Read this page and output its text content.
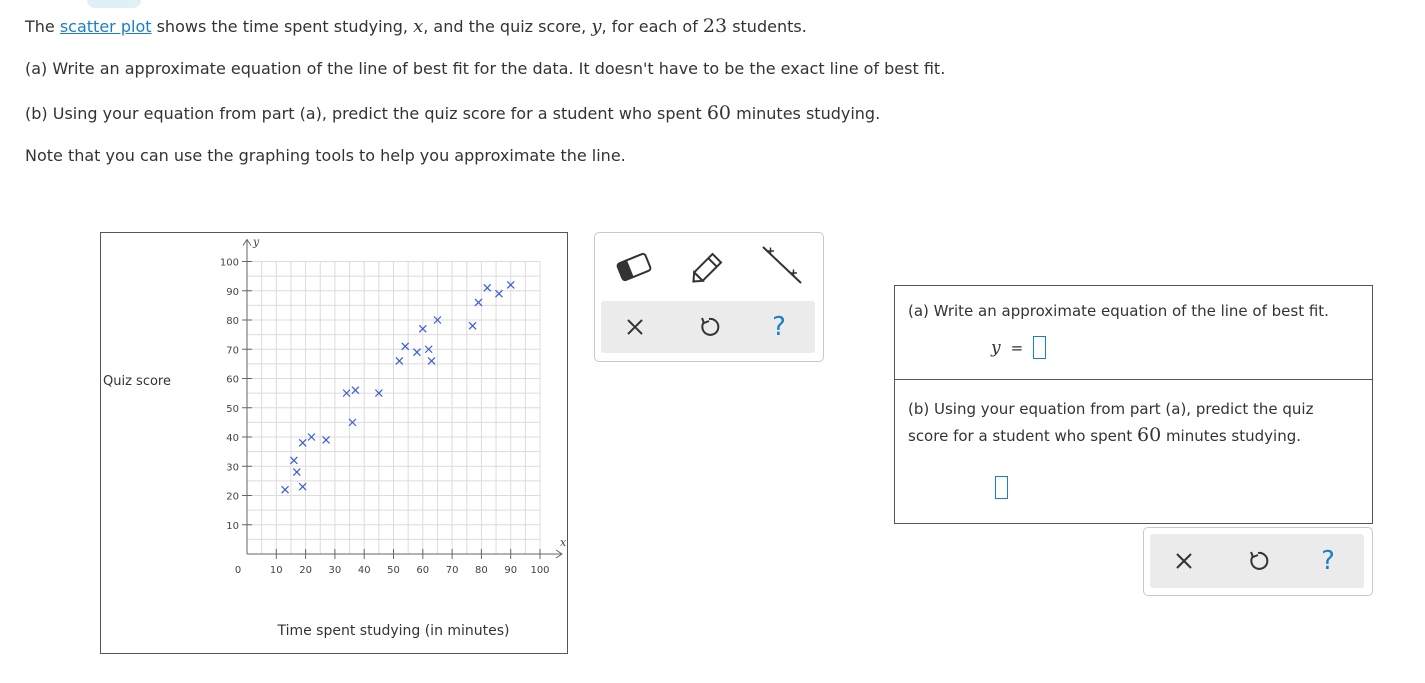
The scatter plot shows the time spent studying, x, and the quiz score, y, for each of 23 students.
(a) Write an approximate equation of the line of best fit for the data. It doesn't have to be the exact line of best fit.
(b) Using your equation from part (a), predict the quiz score for a student who spent 60 minutes studying.
Note that you can use the graphing tools to help you approximate the line.
10 20 30 40 50 60 70 80 90 100
10
20
30
40
50
60
70
80
90
100
0
x
y
Time spent studying (in minutes)
Quiz score
?
(a) Write an approximate equation of the line of best fit.
y =
(b) Using your equation from part (a), predict the quiz score for a student who spent 60 minutes studying.
?
